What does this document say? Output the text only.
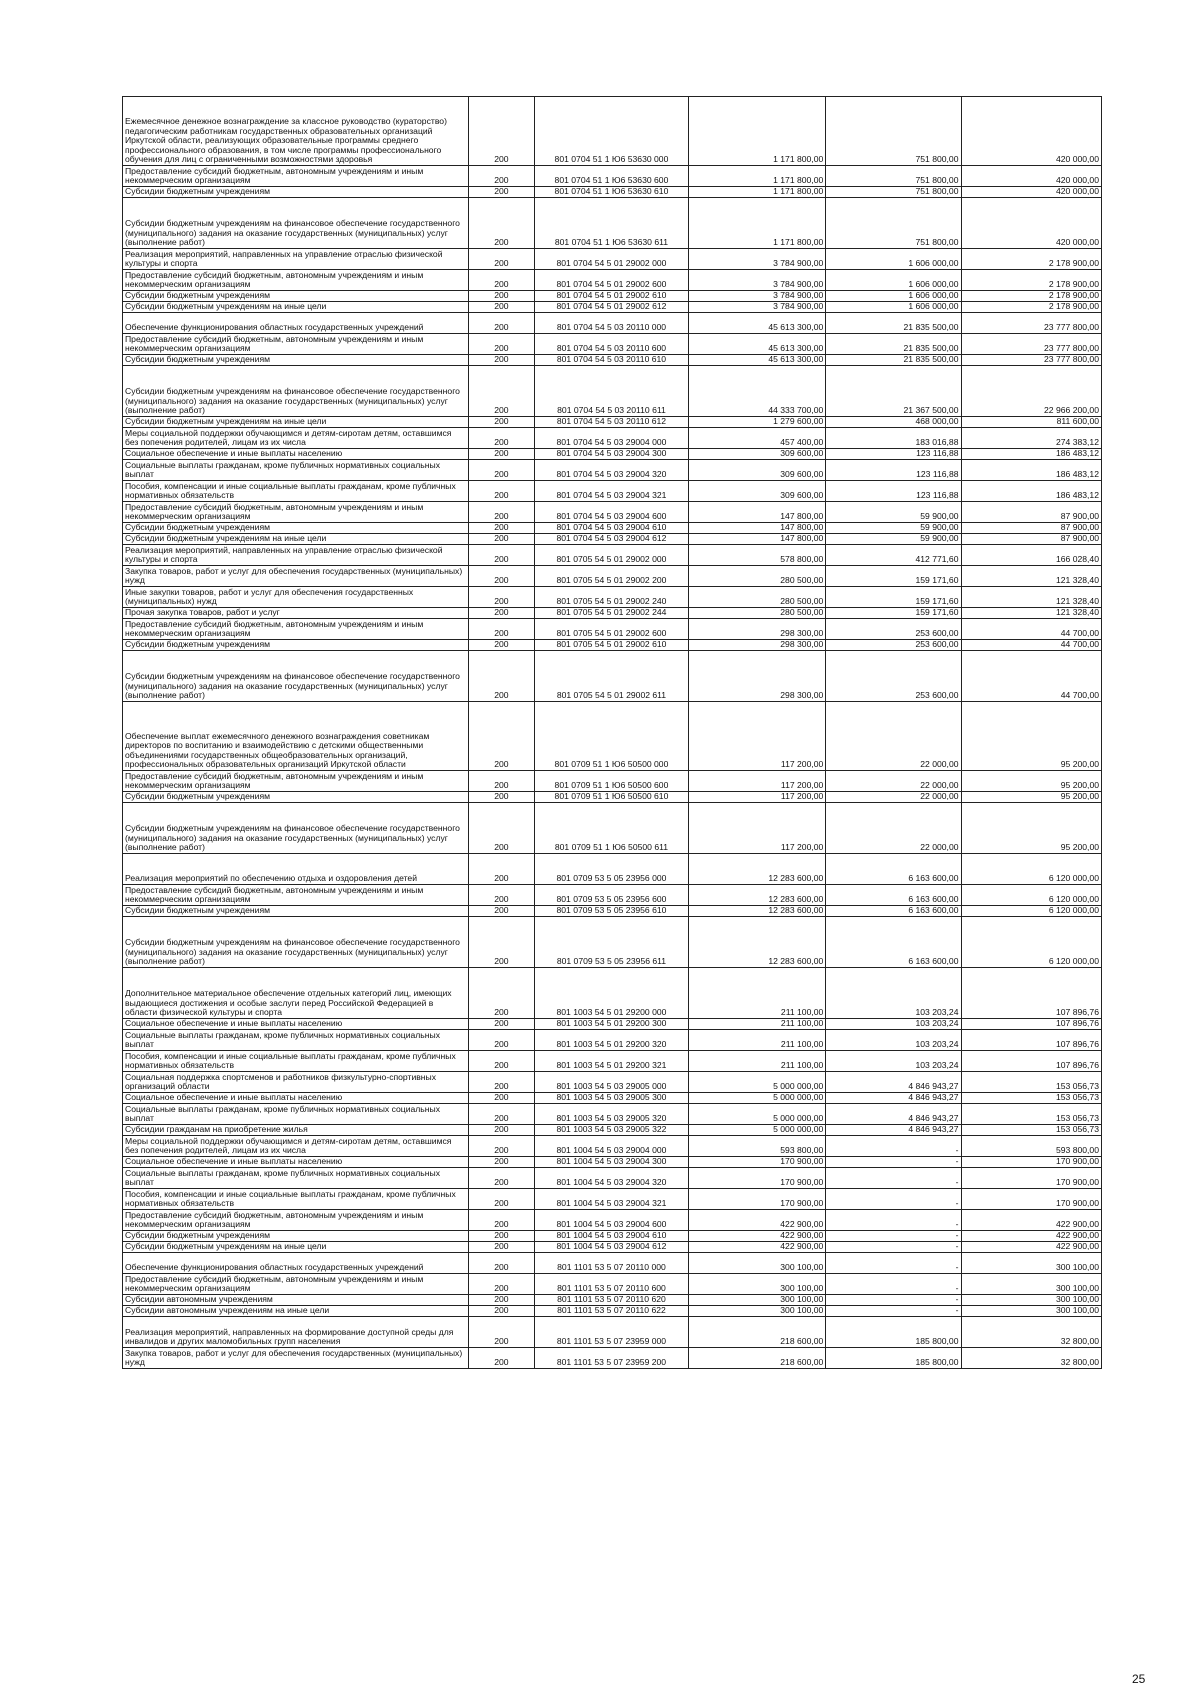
Ежемесячное денежное вознаграждение за классное руководство (кураторство) педагогическим работникам государственных образовательных организаций Иркутской области, реализующих образовательные программы среднего профессионального образования, в том числе программы профессионального обучения для лиц с ограниченными возможностями здоровья	200	801 0704 51 1 Ю6 53630 000	1 171 800,00	751 800,00	420 000,00
Предоставление субсидий бюджетным, автономным учреждениям и иным некоммерческим организациям	200	801 0704 51 1 Ю6 53630 600	1 171 800,00	751 800,00	420 000,00
Субсидии бюджетным учреждениям	200	801 0704 51 1 Ю6 53630 610	1 171 800,00	751 800,00	420 000,00
Субсидии бюджетным учреждениям на финансовое обеспечение государственного (муниципального) задания на оказание государственных (муниципальных) услуг (выполнение работ)	200	801 0704 51 1 Ю6 53630 611	1 171 800,00	751 800,00	420 000,00
Реализация мероприятий, направленных на управление отраслью физической культуры и спорта	200	801 0704 54 5 01 29002 000	3 784 900,00	1 606 000,00	2 178 900,00
Предоставление субсидий бюджетным, автономным учреждениям и иным некоммерческим организациям	200	801 0704 54 5 01 29002 600	3 784 900,00	1 606 000,00	2 178 900,00
Субсидии бюджетным учреждениям	200	801 0704 54 5 01 29002 610	3 784 900,00	1 606 000,00	2 178 900,00
Субсидии бюджетным учреждениям на иные цели	200	801 0704 54 5 01 29002 612	3 784 900,00	1 606 000,00	2 178 900,00
Обеспечение функционирования областных государственных учреждений	200	801 0704 54 5 03 20110 000	45 613 300,00	21 835 500,00	23 777 800,00
Предоставление субсидий бюджетным, автономным учреждениям и иным некоммерческим организациям	200	801 0704 54 5 03 20110 600	45 613 300,00	21 835 500,00	23 777 800,00
Субсидии бюджетным учреждениям	200	801 0704 54 5 03 20110 610	45 613 300,00	21 835 500,00	23 777 800,00
Субсидии бюджетным учреждениям на финансовое обеспечение государственного (муниципального) задания на оказание государственных (муниципальных) услуг (выполнение работ)	200	801 0704 54 5 03 20110 611	44 333 700,00	21 367 500,00	22 966 200,00
Субсидии бюджетным учреждениям на иные цели	200	801 0704 54 5 03 20110 612	1 279 600,00	468 000,00	811 600,00
Меры социальной поддержки обучающимся и детям-сиротам детям, оставшимся без попечения родителей, лицам из их числа	200	801 0704 54 5 03 29004 000	457 400,00	183 016,88	274 383,12
Социальное обеспечение и иные выплаты населению	200	801 0704 54 5 03 29004 300	309 600,00	123 116,88	186 483,12
Социальные выплаты гражданам, кроме публичных нормативных социальных выплат	200	801 0704 54 5 03 29004 320	309 600,00	123 116,88	186 483,12
Пособия, компенсации и иные социальные выплаты гражданам, кроме публичных нормативных обязательств	200	801 0704 54 5 03 29004 321	309 600,00	123 116,88	186 483,12
Предоставление субсидий бюджетным, автономным учреждениям и иным некоммерческим организациям	200	801 0704 54 5 03 29004 600	147 800,00	59 900,00	87 900,00
Субсидии бюджетным учреждениям	200	801 0704 54 5 03 29004 610	147 800,00	59 900,00	87 900,00
Субсидии бюджетным учреждениям на иные цели	200	801 0704 54 5 03 29004 612	147 800,00	59 900,00	87 900,00
Реализация мероприятий, направленных на управление отраслью физической культуры и спорта	200	801 0705 54 5 01 29002 000	578 800,00	412 771,60	166 028,40
Закупка товаров, работ и услуг для обеспечения государственных (муниципальных) нужд	200	801 0705 54 5 01 29002 200	280 500,00	159 171,60	121 328,40
Иные закупки товаров, работ и услуг для обеспечения государственных (муниципальных) нужд	200	801 0705 54 5 01 29002 240	280 500,00	159 171,60	121 328,40
Прочая закупка товаров, работ и услуг	200	801 0705 54 5 01 29002 244	280 500,00	159 171,60	121 328,40
Предоставление субсидий бюджетным, автономным учреждениям и иным некоммерческим организациям	200	801 0705 54 5 01 29002 600	298 300,00	253 600,00	44 700,00
Субсидии бюджетным учреждениям	200	801 0705 54 5 01 29002 610	298 300,00	253 600,00	44 700,00
Субсидии бюджетным учреждениям на финансовое обеспечение государственного (муниципального) задания на оказание государственных (муниципальных) услуг (выполнение работ)	200	801 0705 54 5 01 29002 611	298 300,00	253 600,00	44 700,00
Обеспечение выплат ежемесячного денежного вознаграждения советникам директоров по воспитанию и взаимодействию с детскими общественными объединениями государственных общеобразовательных организаций, профессиональных образовательных организаций Иркутской области	200	801 0709 51 1 Ю6 50500 000	117 200,00	22 000,00	95 200,00
Предоставление субсидий бюджетным, автономным учреждениям и иным некоммерческим организациям	200	801 0709 51 1 Ю6 50500 600	117 200,00	22 000,00	95 200,00
Субсидии бюджетным учреждениям	200	801 0709 51 1 Ю6 50500 610	117 200,00	22 000,00	95 200,00
Субсидии бюджетным учреждениям на финансовое обеспечение государственного (муниципального) задания на оказание государственных (муниципальных) услуг (выполнение работ)	200	801 0709 51 1 Ю6 50500 611	117 200,00	22 000,00	95 200,00
Реализация мероприятий по обеспечению отдыха и оздоровления детей	200	801 0709 53 5 05 23956 000	12 283 600,00	6 163 600,00	6 120 000,00
Предоставление субсидий бюджетным, автономным учреждениям и иным некоммерческим организациям	200	801 0709 53 5 05 23956 600	12 283 600,00	6 163 600,00	6 120 000,00
Субсидии бюджетным учреждениям	200	801 0709 53 5 05 23956 610	12 283 600,00	6 163 600,00	6 120 000,00
Субсидии бюджетным учреждениям на финансовое обеспечение государственного (муниципального) задания на оказание государственных (муниципальных) услуг (выполнение работ)	200	801 0709 53 5 05 23956 611	12 283 600,00	6 163 600,00	6 120 000,00
Дополнительное материальное обеспечение отдельных категорий лиц, имеющих выдающиеся достижения и особые заслуги перед Российской Федерацией в области физической культуры и спорта	200	801 1003 54 5 01 29200 000	211 100,00	103 203,24	107 896,76
Социальное обеспечение и иные выплаты населению	200	801 1003 54 5 01 29200 300	211 100,00	103 203,24	107 896,76
Социальные выплаты гражданам, кроме публичных нормативных социальных выплат	200	801 1003 54 5 01 29200 320	211 100,00	103 203,24	107 896,76
Пособия, компенсации и иные социальные выплаты гражданам, кроме публичных нормативных обязательств	200	801 1003 54 5 01 29200 321	211 100,00	103 203,24	107 896,76
Социальная поддержка спортсменов и работников физкультурно-спортивных организаций области	200	801 1003 54 5 03 29005 000	5 000 000,00	4 846 943,27	153 056,73
Социальное обеспечение и иные выплаты населению	200	801 1003 54 5 03 29005 300	5 000 000,00	4 846 943,27	153 056,73
Социальные выплаты гражданам, кроме публичных нормативных социальных выплат	200	801 1003 54 5 03 29005 320	5 000 000,00	4 846 943,27	153 056,73
Субсидии гражданам на приобретение жилья	200	801 1003 54 5 03 29005 322	5 000 000,00	4 846 943,27	153 056,73
Меры социальной поддержки обучающимся и детям-сиротам детям, оставшимся без попечения родителей, лицам из их числа	200	801 1004 54 5 03 29004 000	593 800,00	-	593 800,00
Социальное обеспечение и иные выплаты населению	200	801 1004 54 5 03 29004 300	170 900,00	-	170 900,00
Социальные выплаты гражданам, кроме публичных нормативных социальных выплат	200	801 1004 54 5 03 29004 320	170 900,00	-	170 900,00
Пособия, компенсации и иные социальные выплаты гражданам, кроме публичных нормативных обязательств	200	801 1004 54 5 03 29004 321	170 900,00	-	170 900,00
Предоставление субсидий бюджетным, автономным учреждениям и иным некоммерческим организациям	200	801 1004 54 5 03 29004 600	422 900,00	-	422 900,00
Субсидии бюджетным учреждениям	200	801 1004 54 5 03 29004 610	422 900,00	-	422 900,00
Субсидии бюджетным учреждениям на иные цели	200	801 1004 54 5 03 29004 612	422 900,00	-	422 900,00
Обеспечение функционирования областных государственных учреждений	200	801 1101 53 5 07 20110 000	300 100,00	-	300 100,00
Предоставление субсидий бюджетным, автономным учреждениям и иным некоммерческим организациям	200	801 1101 53 5 07 20110 600	300 100,00	-	300 100,00
Субсидии автономным учреждениям	200	801 1101 53 5 07 20110 620	300 100,00	-	300 100,00
Субсидии автономным учреждениям на иные цели	200	801 1101 53 5 07 20110 622	300 100,00	-	300 100,00
Реализация мероприятий, направленных на формирование доступной среды для инвалидов и других маломобильных групп населения	200	801 1101 53 5 07 23959 000	218 600,00	185 800,00	32 800,00
Закупка товаров, работ и услуг для обеспечения государственных (муниципальных) нужд	200	801 1101 53 5 07 23959 200	218 600,00	185 800,00	32 800,00
25
